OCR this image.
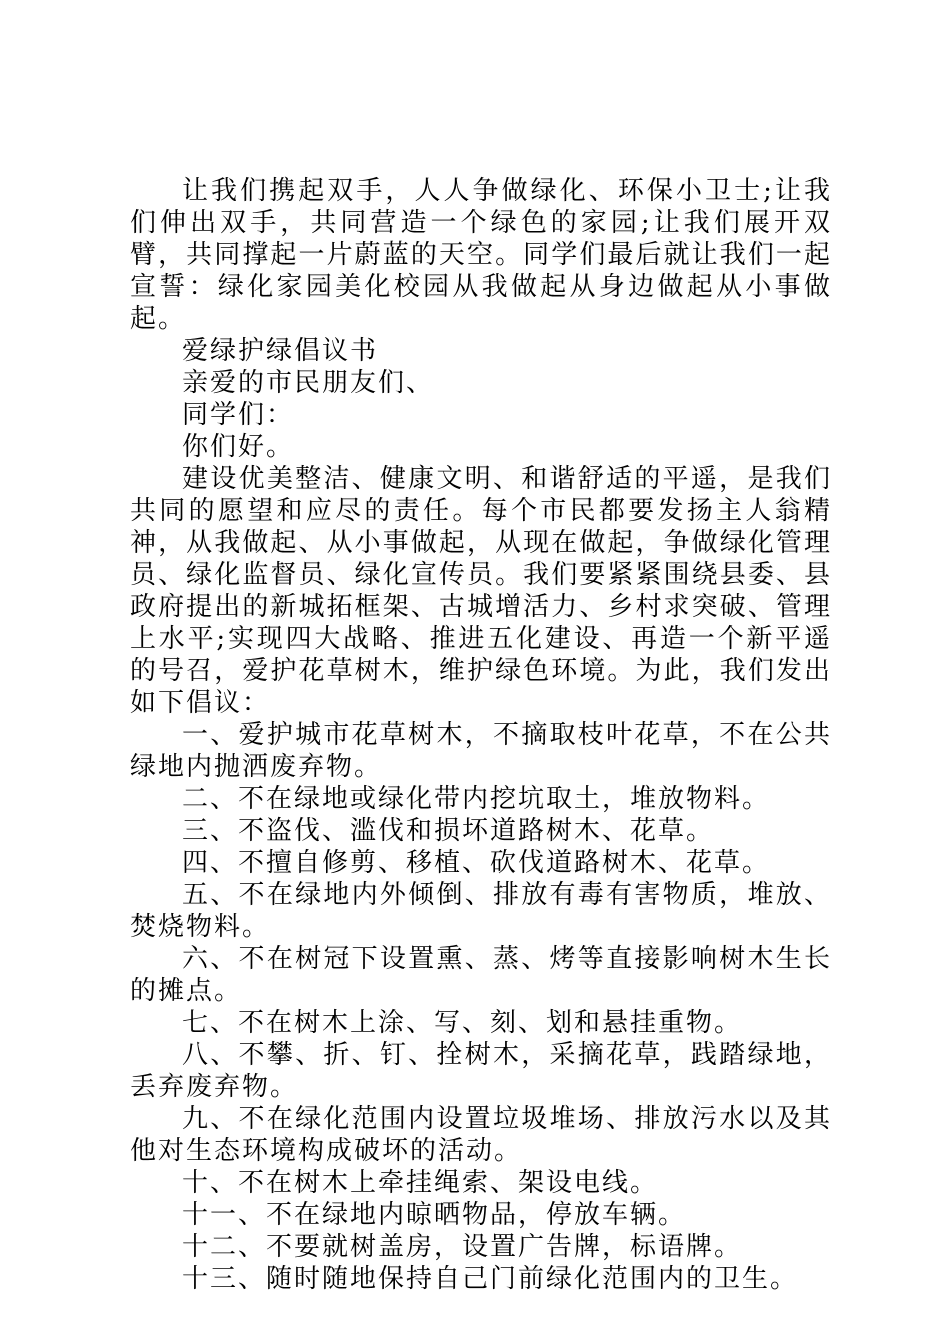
让我们携起双手，人人争做绿化、环保小卫士;让我们伸出双手，共同营造一个绿色的家园;让我们展开双臂，共同撑起一片蔚蓝的天空。同学们最后就让我们一起宣誓：绿化家园美化校园从我做起从身边做起从小事做起。

爱绿护绿倡议书

亲爱的市民朋友们、

同学们：

你们好。

建设优美整洁、健康文明、和谐舒适的平遥，是我们共同的愿望和应尽的责任。每个市民都要发扬主人翁精神，从我做起、从小事做起，从现在做起，争做绿化管理员、绿化监督员、绿化宣传员。我们要紧紧围绕县委、县政府提出的新城拓框架、古城增活力、乡村求突破、管理上水平;实现四大战略、推进五化建设、再造一个新平遥的号召，爱护花草树木，维护绿色环境。为此，我们发出如下倡议：

一、爱护城市花草树木，不摘取枝叶花草，不在公共绿地内抛洒废弃物。

二、不在绿地或绿化带内挖坑取土，堆放物料。

三、不盗伐、滥伐和损坏道路树木、花草。

四、不擅自修剪、移植、砍伐道路树木、花草。

五、不在绿地内外倾倒、排放有毒有害物质，堆放、焚烧物料。

六、不在树冠下设置熏、蒸、烤等直接影响树木生长的摊点。

七、不在树木上涂、写、刻、划和悬挂重物。

八、不攀、折、钉、拴树木，采摘花草，践踏绿地，丢弃废弃物。

九、不在绿化范围内设置垃圾堆场、排放污水以及其他对生态环境构成破坏的活动。

十、不在树木上牵挂绳索、架设电线。

十一、不在绿地内晾晒物品，停放车辆。

十二、不要就树盖房，设置广告牌，标语牌。

十三、随时随地保持自己门前绿化范围内的卫生。
